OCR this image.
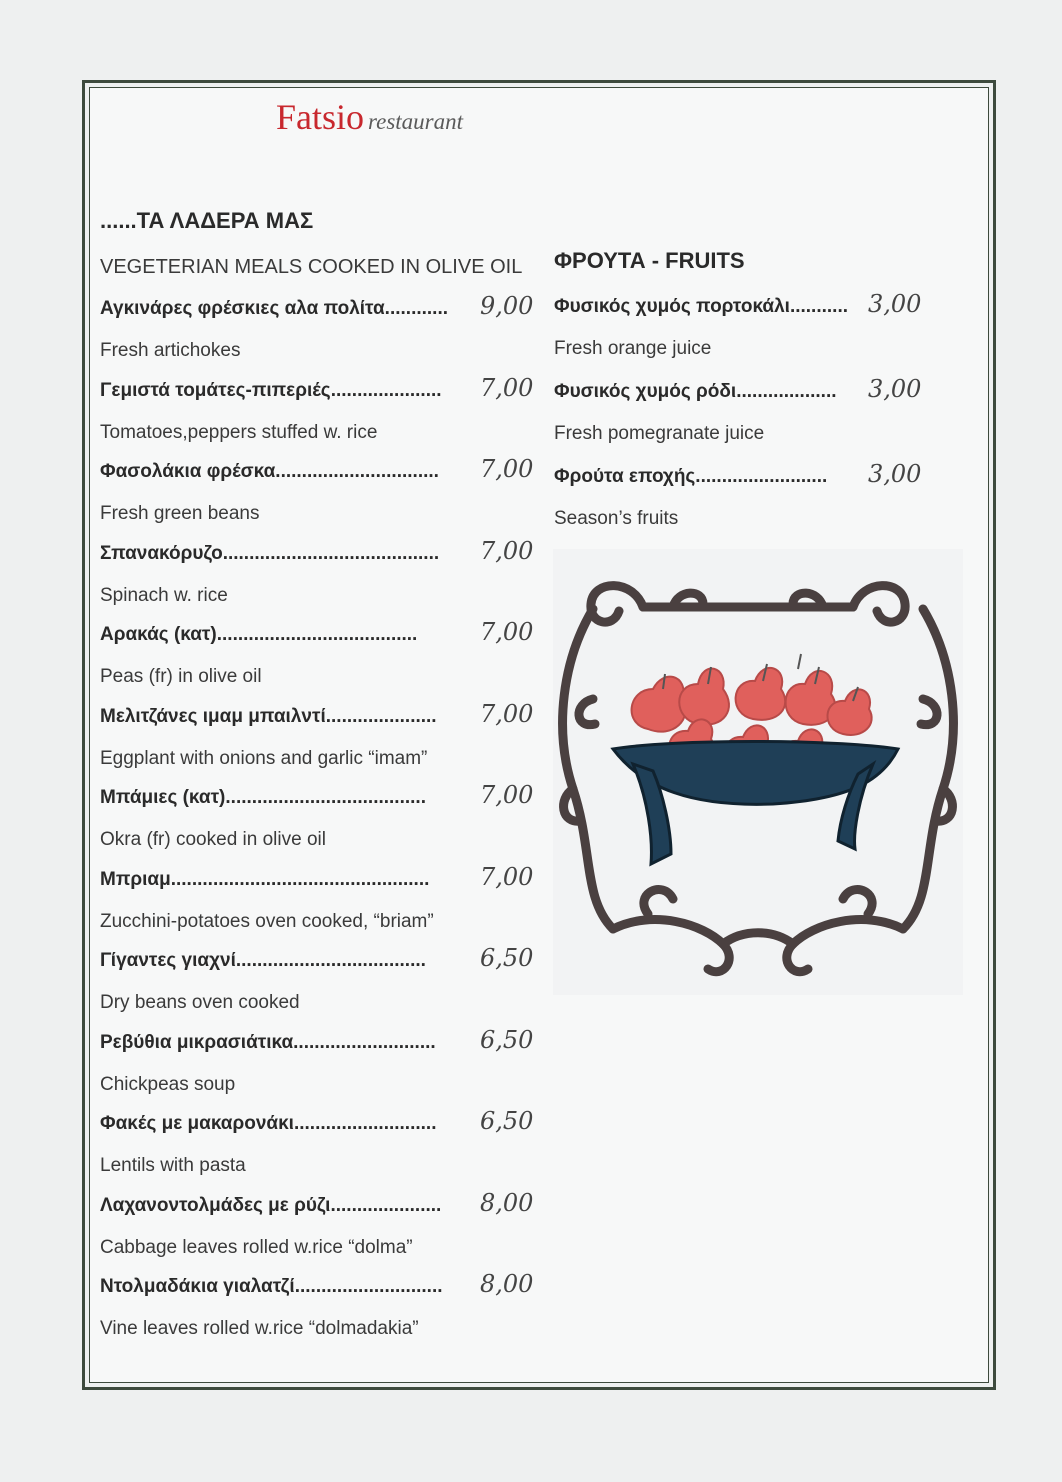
Fatsio restaurant
......ΤΑ ΛΑΔΕΡΑ ΜΑΣ
VEGETERIAN MEALS COOKED IN OLIVE OIL
Αγκινάρες φρέσκιες αλα πολίτα............ 9,00
Fresh artichokes
Γεμιστά τομάτες-πιπεριές..................... 7,00
Tomatoes,peppers stuffed w. rice
Φασολάκια φρέσκα............................... 7,00
Fresh green beans
Σπανακόρυζο......................................... 7,00
Spinach w. rice
Αρακάς (κατ)......................................	7,00
Peas (fr) in olive oil
Μελιτζάνες ιμαμ μπαιλντί..................... 7,00
Eggplant with onions and garlic “imam”
Μπάμιες (κατ)...................................... 7,00
Okra (fr) cooked in olive oil
Μπριαμ................................................. 7,00
Zucchini-potatoes oven cooked, “briam”
Γίγαντες γιαχνί.................................... 6,50
Dry beans oven cooked
Ρεβύθια μικρασιάτικα........................... 6,50
Chickpeas soup
Φακές με μακαρονάκι........................... 6,50
Lentils with pasta
Λαχανοντολμάδες με ρύζι..................... 8,00
Cabbage leaves rolled w.rice “dolma”
Ντολμαδάκια γιαλατζί............................ 8,00
Vine leaves rolled w.rice “dolmadakia”
ΦΡΟΥΤΑ - FRUITS
Φυσικός χυμός πορτοκάλι........... 3,00
Fresh orange juice
Φυσικός χυμός ρόδι................... 3,00
Fresh pomegranate juice
Φρούτα εποχής......................... 3,00
Season’s fruits
